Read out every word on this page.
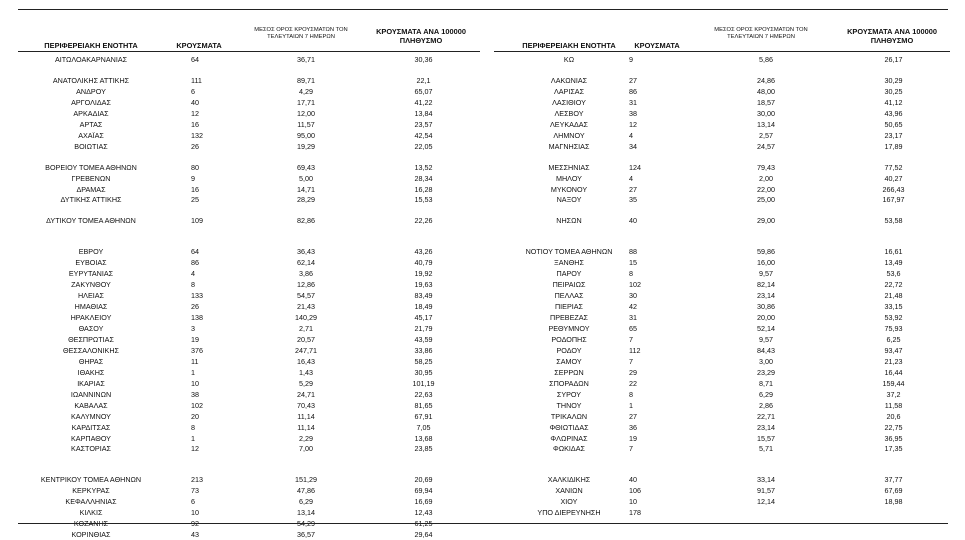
ΠΕΡΙΦΕΡΕΙΑΚΗ ΕΝΟΤΗΤΑ	ΚΡΟΥΣΜΑΤΑ
ΜΕΣΟΣ ΟΡΟΣ ΚΡΟΥΣΜΑΤΩΝ ΤΟΝ
ΤΕΛΕΥΤΑΙΩΝ 7 ΗΜΕΡΩΝ
ΚΡΟΥΣΜΑΤΑ ΑΝΑ 100000
ΠΛΗΘΥΣΜΟ
ΑΙΤΩΛΟΑΚΑΡΝΑΝΙΑΣ	64	36,71	30,36
ΑΝΑΤΟΛΙΚΗΣ ΑΤΤΙΚΗΣ	111	89,71	22,1
ΑΝΔΡΟΥ	6	4,29	65,07
ΑΡΓΟΛΙΔΑΣ	40	17,71	41,22
ΑΡΚΑΔΙΑΣ	12	12,00	13,84
ΑΡΤΑΣ	16	11,57	23,57
ΑΧΑΪΑΣ	132	95,00	42,54
ΒΟΙΩΤΙΑΣ	26	19,29	22,05
ΒΟΡΕΙΟΥ ΤΟΜΕΑ ΑΘΗΝΩΝ	80	69,43	13,52
ΓΡΕΒΕΝΩΝ	9	5,00	28,34
ΔΡΑΜΑΣ	16	14,71	16,28
ΔΥΤΙΚΗΣ ΑΤΤΙΚΗΣ	25	28,29	15,53
ΔΥΤΙΚΟΥ ΤΟΜΕΑ ΑΘΗΝΩΝ	109	82,86	22,26
ΕΒΡΟΥ	64	36,43	43,26
ΕΥΒΟΙΑΣ	86	62,14	40,79
ΕΥΡΥΤΑΝΙΑΣ	4	3,86	19,92
ΖΑΚΥΝΘΟΥ	8	12,86	19,63
ΗΛΕΙΑΣ	133	54,57	83,49
ΗΜΑΘΙΑΣ	26	21,43	18,49
ΗΡΑΚΛΕΙΟΥ	138	140,29	45,17
ΘΑΣΟΥ	3	2,71	21,79
ΘΕΣΠΡΩΤΙΑΣ	19	20,57	43,59
ΘΕΣΣΑΛΟΝΙΚΗΣ	376	247,71	33,86
ΘΗΡΑΣ	11	16,43	58,25
ΙΘΑΚΗΣ	1	1,43	30,95
ΙΚΑΡΙΑΣ	10	5,29	101,19
ΙΩΑΝΝΙΝΩΝ	38	24,71	22,63
ΚΑΒΑΛΑΣ	102	70,43	81,65
ΚΑΛΥΜΝΟΥ	20	11,14	67,91
ΚΑΡΔΙΤΣΑΣ	8	11,14	7,05
ΚΑΡΠΑΘΟΥ	1	2,29	13,68
ΚΑΣΤΟΡΙΑΣ	12	7,00	23,85
ΚΕΝΤΡΙΚΟΥ ΤΟΜΕΑ ΑΘΗΝΩΝ	213	151,29	20,69
ΚΕΡΚΥΡΑΣ	73	47,86	69,94
ΚΕΦΑΛΛΗΝΙΑΣ	6	6,29	16,69
ΚΙΛΚΙΣ	10	13,14	12,43
ΚΟΖΑΝΗΣ	92	54,29	61,25
ΚΟΡΙΝΘΙΑΣ	43	36,57	29,64
ΠΕΡΙΦΕΡΕΙΑΚΗ ΕΝΟΤΗΤΑ	ΚΡΟΥΣΜΑΤΑ
ΜΕΣΟΣ ΟΡΟΣ ΚΡΟΥΣΜΑΤΩΝ ΤΟΝ
ΤΕΛΕΥΤΑΙΩΝ 7 ΗΜΕΡΩΝ
ΚΡΟΥΣΜΑΤΑ ΑΝΑ 100000
ΠΛΗΘΥΣΜΟ
ΚΩ	9	5,86	26,17
ΛΑΚΩΝΙΑΣ	27	24,86	30,29
ΛΑΡΙΣΑΣ	86	48,00	30,25
ΛΑΣΙΘΙΟΥ	31	18,57	41,12
ΛΕΣΒΟΥ	38	30,00	43,96
ΛΕΥΚΑΔΑΣ	12	13,14	50,65
ΛΗΜΝΟΥ	4	2,57	23,17
ΜΑΓΝΗΣΙΑΣ	34	24,57	17,89
ΜΕΣΣΗΝΙΑΣ	124	79,43	77,52
ΜΗΛΟΥ	4	2,00	40,27
ΜΥΚΟΝΟΥ	27	22,00	266,43
ΝΑΞΟΥ	35	25,00	167,97
ΝΗΣΩΝ	40	29,00	53,58
ΝΟΤΙΟΥ ΤΟΜΕΑ ΑΘΗΝΩΝ	88	59,86	16,61
ΞΑΝΘΗΣ	15	16,00	13,49
ΠΑΡΟΥ	8	9,57	53,6
ΠΕΙΡΑΙΩΣ	102	82,14	22,72
ΠΕΛΛΑΣ	30	23,14	21,48
ΠΙΕΡΙΑΣ	42	30,86	33,15
ΠΡΕΒΕΖΑΣ	31	20,00	53,92
ΡΕΘΥΜΝΟΥ	65	52,14	75,93
ΡΟΔΟΠΗΣ	7	9,57	6,25
ΡΟΔΟΥ	112	84,43	93,47
ΣΑΜΟΥ	7	3,00	21,23
ΣΕΡΡΩΝ	29	23,29	16,44
ΣΠΟΡΑΔΩΝ	22	8,71	159,44
ΣΥΡΟΥ	8	6,29	37,2
ΤΗΝΟΥ	1	2,86	11,58
ΤΡΙΚΑΛΩΝ	27	22,71	20,6
ΦΘΙΩΤΙΔΑΣ	36	23,14	22,75
ΦΛΩΡΙΝΑΣ	19	15,57	36,95
ΦΩΚΙΔΑΣ	7	5,71	17,35
ΧΑΛΚΙΔΙΚΗΣ	40	33,14	37,77
ΧΑΝΙΩΝ	106	91,57	67,69
ΧΙΟΥ	10	12,14	18,98
ΥΠΟ ΔΙΕΡΕΥΝΗΣΗ	178
